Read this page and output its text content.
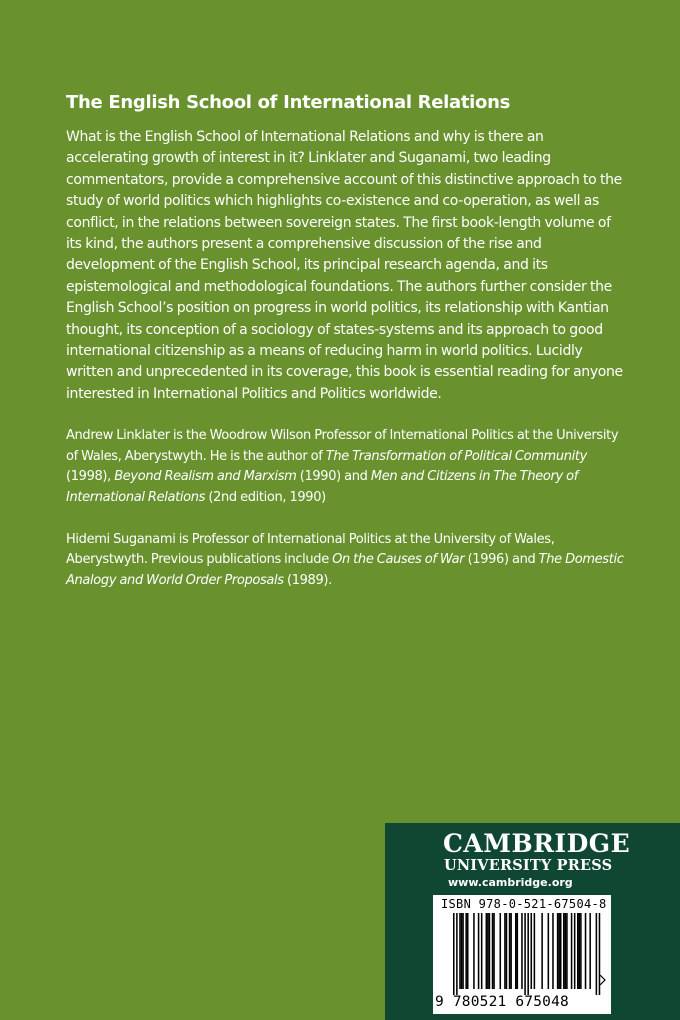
The English School of International Relations

What is the English School of International Relations and why is there an accelerating growth of interest in it? Linklater and Suganami, two leading commentators, provide a comprehensive account of this distinctive approach to the study of world politics which highlights co-existence and co-operation, as well as conflict, in the relations between sovereign states. The first book-length volume of its kind, the authors present a comprehensive discussion of the rise and development of the English School, its principal research agenda, and its epistemological and methodological foundations. The authors further consider the English School’s position on progress in world politics, its relationship with Kantian thought, its conception of a sociology of states-systems and its approach to good international citizenship as a means of reducing harm in world politics. Lucidly written and unprecedented in its coverage, this book is essential reading for anyone interested in International Politics and Politics worldwide.

Andrew Linklater is the Woodrow Wilson Professor of International Politics at the University of Wales, Aberystwyth. He is the author of The Transformation of Political Community (1998), Beyond Realism and Marxism (1990) and Men and Citizens in The Theory of International Relations (2nd edition, 1990)

Hidemi Suganami is Professor of International Politics at the University of Wales, Aberystwyth. Previous publications include On the Causes of War (1996) and The Domestic Analogy and World Order Proposals (1989).

CAMBRIDGE
UNIVERSITY PRESS
www.cambridge.org
ISBN 978-0-521-67504-8
9 780521 675048
